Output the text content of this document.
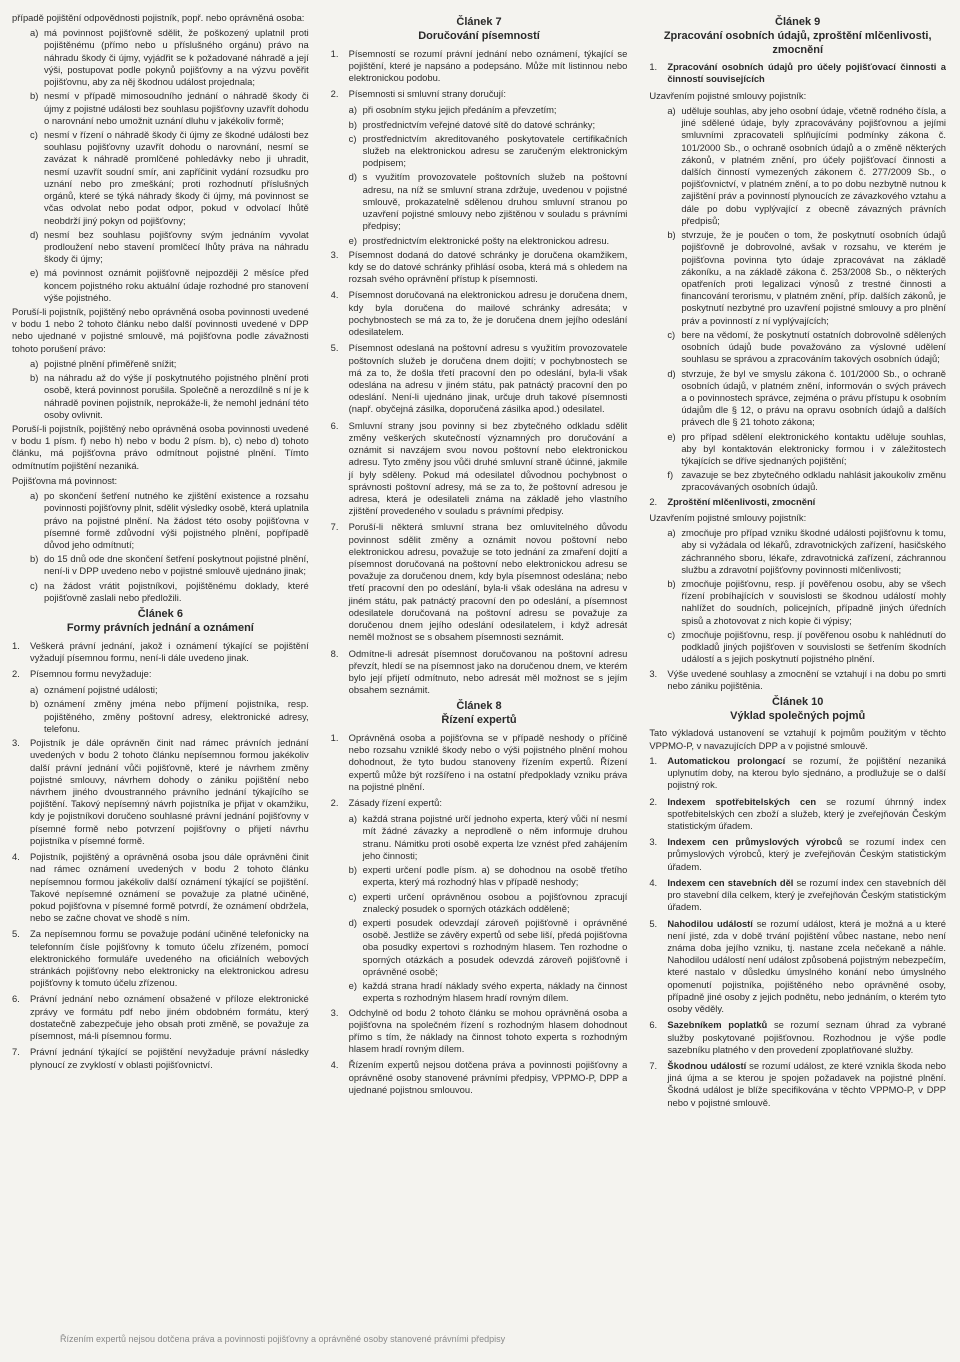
případě pojištění odpovědnosti pojistník, popř. nebo oprávněná osoba:

a) má povinnost pojišťovně sdělit, že poškozený uplatnil proti pojištěnému (přímo nebo u příslušného orgánu) právo na náhradu škody či újmy, vyjádřit se k požadované náhradě a její výši, postupovat podle pokynů pojišťovny a na výzvu pověřit pojišťovnu, aby za něj škodnou událost projednala;
b) nesmí v případě mimosoudního jednání o náhradě škody či újmy z pojistné události bez souhlasu pojišťovny uzavřít dohodu o narovnání nebo umožnit uznání dluhu v jakékoliv formě;
c) nesmí v řízení o náhradě škody či újmy ze škodné události bez souhlasu pojišťovny uzavřít dohodu o narovnání, nesmí se zavázat k náhradě promlčené pohledávky nebo ji uhradit, nesmí uzavřít soudní smír, ani zapříčinit vydání rozsudku pro uznání nebo pro zmeškání; proti rozhodnutí příslušných orgánů, které se týká náhrady škody či újmy, má povinnost se včas odvolat nebo podat odpor, pokud v odvolací lhůtě neobdrží jiný pokyn od pojišťovny;
d) nesmí bez souhlasu pojišťovny svým jednáním vyvolat prodloužení nebo stavení promlčecí lhůty práva na náhradu škody či újmy;
e) má povinnost oznámit pojišťovně nejpozději 2 měsíce před koncem pojistného roku aktuální údaje rozhodné pro stanovení výše pojistného.

Poruší-li pojistník, pojištěný nebo oprávněná osoba povinnosti uvedené v bodu 1 nebo 2 tohoto článku nebo další povinnosti uvedené v DPP nebo ujednané v pojistné smlouvě, má pojišťovna podle závažnosti tohoto porušení právo:

a) pojistné plnění přiměřeně snížit;
b) na náhradu až do výše jí poskytnutého pojistného plnění proti osobě, která povinnost porušila. Společně a nerozdílně s ní je k náhradě povinen pojistník, neprokáže-li, že nemohl jednání této osoby ovlivnit.

Poruší-li pojistník, pojištěný nebo oprávněná osoba povinnosti uvedené v bodu 1 písm. f) nebo h) nebo v bodu 2 písm. b), c) nebo d) tohoto článku, má pojišťovna právo odmítnout pojistné plnění. Tímto odmítnutím pojištění nezaniká.

Pojišťovna má povinnost:

a) po skončení šetření nutného ke zjištění existence a rozsahu povinnosti pojišťovny plnit, sdělit výsledky osobě, která uplatnila právo na pojistné plnění. Na žádost této osoby pojišťovna v písemné formě zdůvodní výši pojistného plnění, popřípadě důvod jeho odmítnutí;
b) do 15 dnů ode dne skončení šetření poskytnout pojistné plnění, není-li v DPP uvedeno nebo v pojistné smlouvě ujednáno jinak;
c) na žádost vrátit pojistníkovi, pojištěnému doklady, které pojišťovně zaslali nebo předložili.
Článek 6
Formy právních jednání a oznámení
1.	Veškerá právní jednání, jakož i oznámení týkající se pojištění vyžadují písemnou formu, není-li dále uvedeno jinak.
2.	Písemnou formu nevyžaduje:
a) oznámení pojistné události;
b) oznámení změny jména nebo příjmení pojistníka, resp. pojištěného, změny poštovní adresy, elektronické adresy, telefonu.
3.	Pojistník je dále oprávněn činit nad rámec právních jednání uvedených v bodu 2 tohoto článku nepísemnou formou jakékoliv další právní jednání vůči pojišťovně, které je návrhem změny pojistné smlouvy, návrhem dohody o zániku pojištění nebo návrhem jiného dvoustranného právního jednání týkajícího se pojištění. Takový nepísemný návrh pojistníka je přijat v okamžiku, kdy je pojistníkovi doručeno souhlasné právní jednání pojišťovny v písemné formě nebo potvrzení pojišťovny o přijetí návrhu pojistníka v písemné formě.
4.	Pojistník, pojištěný a oprávněná osoba jsou dále oprávněni činit nad rámec oznámení uvedených v bodu 2 tohoto článku nepísemnou formou jakékoliv další oznámení týkající se pojištění. Takové nepísemné oznámení se považuje za platné učiněné, pokud pojišťovna v písemné formě potvrdí, že oznámení obdržela, nebo se začne chovat ve shodě s ním.
5.	Za nepísemnou formu se považuje podání učiněné telefonicky na telefonním čísle pojišťovny k tomuto účelu zřízeném, pomocí elektronického formuláře uvedeného na oficiálních webových stránkách pojišťovny nebo elektronicky na elektronickou adresu pojišťovny k tomuto účelu zřízenou.
6.	Právní jednání nebo oznámení obsažené v příloze elektronické zprávy ve formátu pdf nebo jiném obdobném formátu, který dostatečně zabezpečuje jeho obsah proti změně, se považuje za písemnost, má-li písemnou formu.
7.	Právní jednání týkající se pojištění nevyžaduje právní následky plynoucí ze zvyklostí v oblasti pojišťovnictví.
Článek 7
Doručování písemností
1.	Písemností se rozumí právní jednání nebo oznámení, týkající se pojištění, které je napsáno a podepsáno. Může mít listinnou nebo elektronickou podobu.
2.	Písemnosti si smluvní strany doručují:
a) při osobním styku jejich předáním a převzetím;
b) prostřednictvím veřejné datové sítě do datové schránky;
c) prostřednictvím akreditovaného poskytovatele certifikačních služeb na elektronickou adresu se zaručeným elektronickým podpisem;
d) s využitím provozovatele poštovních služeb na poštovní adresu, na níž se smluvní strana zdržuje, uvedenou v pojistné smlouvě, prokazatelně sdělenou druhou smluvní stranou po uzavření pojistné smlouvy nebo zjištěnou v souladu s právními předpisy;
e) prostřednictvím elektronické pošty na elektronickou adresu.
3.	Písemnost dodaná do datové schránky je doručena okamžikem, kdy se do datové schránky přihlásí osoba, která má s ohledem na rozsah svého oprávnění přístup k písemnosti.
4.	Písemnost doručovaná na elektronickou adresu je doručena dnem, kdy byla doručena do mailové schránky adresáta; v pochybnostech se má za to, že je doručena dnem jejího odeslání odesilatelem.
5.	Písemnost odeslaná na poštovní adresu s využitím provozovatele poštovních služeb je doručena dnem dojití; v pochybnostech se má za to, že došla třetí pracovní den po odeslání, byla-li však odeslána na adresu v jiném státu, pak patnáctý pracovní den po odeslání. Není-li ujednáno jinak, určuje druh takové písemnosti (např. obyčejná zásilka, doporučená zásilka apod.) odesilatel.
6.	Smluvní strany jsou povinny si bez zbytečného odkladu sdělit změny veškerých skutečností významných pro doručování a oznámit si navzájem svou novou poštovní nebo elektronickou adresu. Tyto změny jsou vůči druhé smluvní straně účinné, jakmile jí byly sděleny. Pokud má odesilatel důvodnou pochybnost o správnosti poštovní adresy, má se za to, že poštovní adresou je adresa, která je odesilateli známa na základě jeho vlastního zjištění provedeného v souladu s právními předpisy.
7.	Poruší-li některá smluvní strana bez omluvitelného důvodu povinnost sdělit změny a oznámit novou poštovní nebo elektronickou adresu, považuje se toto jednání za zmaření dojití a písemnost doručovaná na poštovní nebo elektronickou adresu se považuje za doručenou dnem, kdy byla písemnost odeslána; nebo třetí pracovní den po odeslání, byla-li však odeslána na adresu v jiném státu, pak patnáctý pracovní den po odeslání, a písemnost odesilatele doručovaná na poštovní adresu se považuje za doručenou dnem jejího odeslání odesilatelem, i když adresát neměl možnost se s obsahem písemnosti seznámit.
8.	Odmítne-li adresát písemnost doručovanou na poštovní adresu převzít, hledí se na písemnost jako na doručenou dnem, ve kterém bylo její přijetí odmítnuto, nebo adresát měl možnost se s jejím obsahem seznámit.
Článek 8
Řízení expertů
1.	Oprávněná osoba a pojišťovna se v případě neshody o příčině nebo rozsahu vzniklé škody nebo o výši pojistného plnění mohou dohodnout, že tyto budou stanoveny řízením expertů. Řízení expertů může být rozšířeno i na ostatní předpoklady vzniku práva na pojistné plnění.
2.	Zásady řízení expertů:
a) každá strana pojistné určí jednoho experta, který vůči ní nesmí mít žádné závazky a neprodleně o něm informuje druhou stranu. Námitku proti osobě experta lze vznést před zahájením jeho činnosti;
b) experti určení podle písm. a) se dohodnou na osobě třetího experta, který má rozhodný hlas v případě neshody;
c) experti určení oprávněnou osobou a pojišťovnou zpracují znalecký posudek o sporných otázkách odděleně;
d) experti posudek odevzdají zároveň pojišťovně i oprávněné osobě. Jestliže se závěry expertů od sebe liší, předá pojišťovna oba posudky expertovi s rozhodným hlasem. Ten rozhodne o sporných otázkách a posudek odevzdá zároveň pojišťovně i oprávněné osobě;
e) každá strana hradí náklady svého experta, náklady na činnost experta s rozhodným hlasem hradí rovným dílem.
3.	Odchylně od bodu 2 tohoto článku se mohou oprávněná osoba a pojišťovna na společném řízení s rozhodným hlasem dohodnout přímo s tím, že náklady na činnost tohoto experta s rozhodným hlasem hradí rovným dílem.
4.	Řízením expertů nejsou dotčena práva a povinnosti pojišťovny a oprávněné osoby stanovené právními předpisy, VPPMO-P, DPP a ujednané pojistnou smlouvou.
Článek 9
Zpracování osobních údajů, zproštění mlčenlivosti, zmocnění
1.	Zpracování osobních údajů pro účely pojišťovací činnosti a činností souvisejících

Uzavřením pojistné smlouvy pojistník:

a) uděluje souhlas, aby jeho osobní údaje, včetně rodného čísla, a jiné sdělené údaje, byly zpracovávány pojišťovnou a jejími smluvními zpracovateli splňujícími podmínky zákona č. 101/2000 Sb., o ochraně osobních údajů a o změně některých zákonů, v platném znění, pro účely pojišťovací činnosti a dalších činností vymezených zákonem č. 277/2009 Sb., o pojišťovnictví, v platném znění, a to po dobu nezbytně nutnou k zajištění práv a povinností plynoucích ze závazkového vztahu a dále po dobu vyplývající z obecně závazných právních předpisů;
b) stvrzuje, že je poučen o tom, že poskytnutí osobních údajů pojišťovně je dobrovolné, avšak v rozsahu, ve kterém je pojišťovna povinna tyto údaje zpracovávat na základě zákoníku, a na základě zákona č. 253/2008 Sb., o některých opatřeních proti legalizaci výnosů z trestné činnosti a financování terorismu, v platném znění, příp. dalších zákonů, je poskytnutí nezbytné pro uzavření pojistné smlouvy a pro plnění práv a povinností z ní vyplývajících;
c) bere na vědomí, že poskytnutí ostatních dobrovolně sdělených osobních údajů bude považováno za výslovné udělení souhlasu se správou a zpracováním takových osobních údajů;
d) stvrzuje, že byl ve smyslu zákona č. 101/2000 Sb., o ochraně osobních údajů, v platném znění, informován o svých právech a o povinnostech správce, zejména o právu přístupu k osobním údajům dle § 12, o právu na opravu osobních údajů a dalších právech dle § 21 tohoto zákona;
e) pro případ sdělení elektronického kontaktu uděluje souhlas, aby byl kontaktován elektronicky formou i v záležitostech týkajících se dříve sjednaných pojištění;
f) zavazuje se bez zbytečného odkladu nahlásit jakoukoliv změnu zpracovávaných osobních údajů.
2.	Zproštění mlčenlivosti, zmocnění

Uzavřením pojistné smlouvy pojistník:

a) zmocňuje pro případ vzniku škodné události pojišťovnu k tomu, aby si vyžádala od lékařů, zdravotnických zařízení, hasičského záchranného sboru, lékaře, zdravotnická zařízení, záchrannou službu a zdravotní pojišťovny povinnosti mlčenlivosti;
b) zmocňuje pojišťovnu, resp. jí pověřenou osobu, aby se všech řízení probíhajících v souvislosti se škodnou událostí mohly nahlížet do soudních, policejních, případně jiných úředních spisů a zhotovovat z nich kopie či výpisy;
c) zmocňuje pojišťovnu, resp. jí pověřenou osobu k nahlédnutí do podkladů jiných pojišťoven v souvislosti se šetřením škodních událostí a s jejich poskytnutí pojistného plnění.
3.	Výše uvedené souhlasy a zmocnění se vztahují i na dobu po smrti nebo zániku pojištěnia.
Článek 10
Výklad společných pojmů

Tato výkladová ustanovení se vztahují k pojmům použitým v těchto VPPMO-P, v navazujících DPP a v pojistné smlouvě.

1.	Automatickou prolongací se rozumí, že pojištění nezaniká uplynutím doby, na kterou bylo sjednáno, a prodlužuje se o další pojistný rok.
2.	Indexem spotřebitelských cen se rozumí úhrnný index spotřebitelských cen zboží a služeb, který je zveřejňován Českým statistickým úřadem.
3.	Indexem cen průmyslových výrobců se rozumí index cen průmyslových výrobců, který je zveřejňován Českým statistickým úřadem.
4.	Indexem cen stavebních děl se rozumí index cen stavebních děl pro stavební díla celkem, který je zveřejňován Českým statistickým úřadem.
5.	Nahodilou událostí se rozumí událost, která je možná a u které není jisté, zda v době trvání pojištění vůbec nastane, nebo není známa doba jejího vzniku, tj. nastane zcela nečekaně a náhle. Nahodilou událostí není událost způsobená pojistným nebezpečím, které nastalo v důsledku úmyslného konání nebo úmyslného opomenutí pojistníka, pojištěného nebo oprávněné osoby, případně jiné osoby z jejich podnětu, nebo jednáním, o kterém tyto osoby věděly.
6.	Sazebníkem poplatků se rozumí seznam úhrad za vybrané služby poskytované pojišťovnou. Rozhodnou je výše podle sazebníku platného v den provedení zpoplatňované služby.
7.	Škodnou událostí se rozumí událost, ze které vznikla škoda nebo jiná újma a se kterou je spojen požadavek na pojistné plnění. Škodná událost je blíže specifikována v těchto VPPMO-P, v DPP nebo v pojistné smlouvě.
Řízením expertů nejsou dotčena práva a povinnosti pojišťovny a oprávněné osoby stanovené právními předpisy
